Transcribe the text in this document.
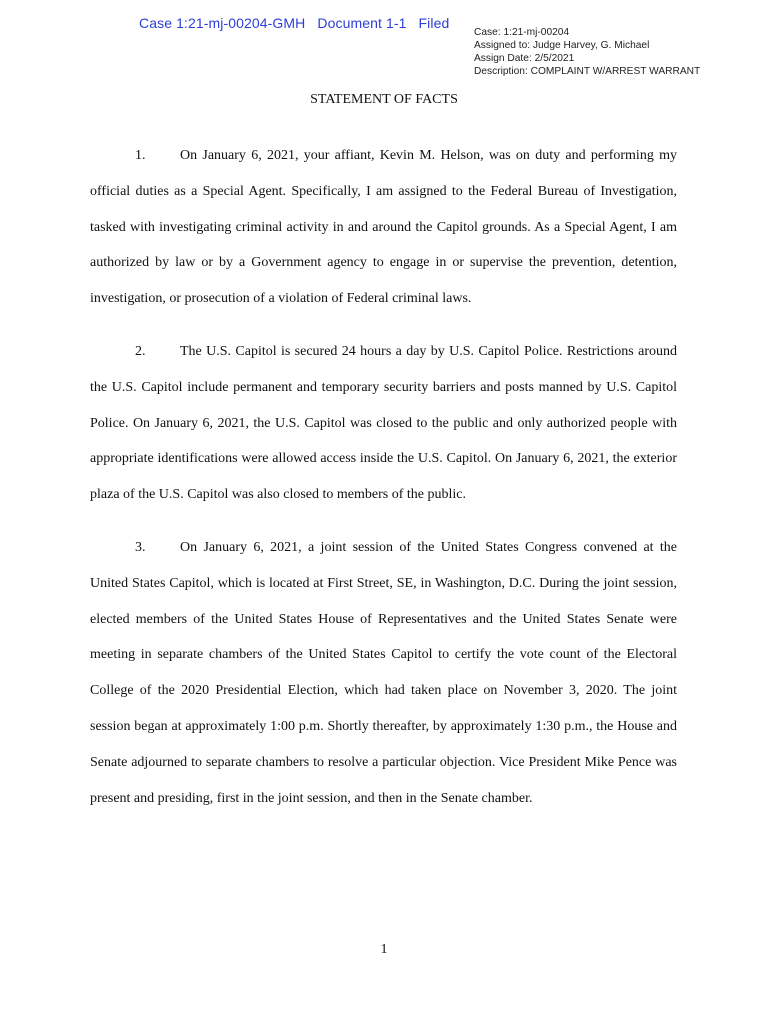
Case 1:21-mj-00204-GMH Document 1-1 Filed
Case: 1:21-mj-00204
Assigned to: Judge Harvey, G. Michael
Assign Date: 2/5/2021
Description: COMPLAINT W/ARREST WARRANT
STATEMENT OF FACTS

1. On January 6, 2021, your affiant, Kevin M. Helson, was on duty and performing my official duties as a Special Agent. Specifically, I am assigned to the Federal Bureau of Investigation, tasked with investigating criminal activity in and around the Capitol grounds. As a Special Agent, I am authorized by law or by a Government agency to engage in or supervise the prevention, detention, investigation, or prosecution of a violation of Federal criminal laws.

2. The U.S. Capitol is secured 24 hours a day by U.S. Capitol Police. Restrictions around the U.S. Capitol include permanent and temporary security barriers and posts manned by U.S. Capitol Police. On January 6, 2021, the U.S. Capitol was closed to the public and only authorized people with appropriate identifications were allowed access inside the U.S. Capitol. On January 6, 2021, the exterior plaza of the U.S. Capitol was also closed to members of the public.

3. On January 6, 2021, a joint session of the United States Congress convened at the United States Capitol, which is located at First Street, SE, in Washington, D.C. During the joint session, elected members of the United States House of Representatives and the United States Senate were meeting in separate chambers of the United States Capitol to certify the vote count of the Electoral College of the 2020 Presidential Election, which had taken place on November 3, 2020. The joint session began at approximately 1:00 p.m. Shortly thereafter, by approximately 1:30 p.m., the House and Senate adjourned to separate chambers to resolve a particular objection. Vice President Mike Pence was present and presiding, first in the joint session, and then in the Senate chamber.

1
